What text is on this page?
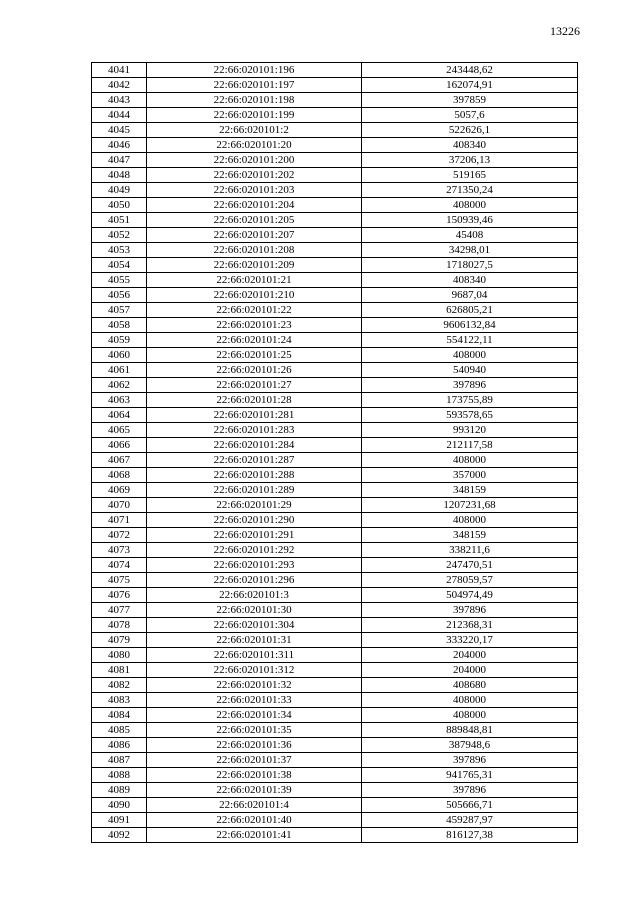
13226
4041	22:66:020101:196	243448,62
4042	22:66:020101:197	162074,91
4043	22:66:020101:198	397859
4044	22:66:020101:199	5057,6
4045	22:66:020101:2	522626,1
4046	22:66:020101:20	408340
4047	22:66:020101:200	37206,13
4048	22:66:020101:202	519165
4049	22:66:020101:203	271350,24
4050	22:66:020101:204	408000
4051	22:66:020101:205	150939,46
4052	22:66:020101:207	45408
4053	22:66:020101:208	34298,01
4054	22:66:020101:209	1718027,5
4055	22:66:020101:21	408340
4056	22:66:020101:210	9687,04
4057	22:66:020101:22	626805,21
4058	22:66:020101:23	9606132,84
4059	22:66:020101:24	554122,11
4060	22:66:020101:25	408000
4061	22:66:020101:26	540940
4062	22:66:020101:27	397896
4063	22:66:020101:28	173755,89
4064	22:66:020101:281	593578,65
4065	22:66:020101:283	993120
4066	22:66:020101:284	212117,58
4067	22:66:020101:287	408000
4068	22:66:020101:288	357000
4069	22:66:020101:289	348159
4070	22:66:020101:29	1207231,68
4071	22:66:020101:290	408000
4072	22:66:020101:291	348159
4073	22:66:020101:292	338211,6
4074	22:66:020101:293	247470,51
4075	22:66:020101:296	278059,57
4076	22:66:020101:3	504974,49
4077	22:66:020101:30	397896
4078	22:66:020101:304	212368,31
4079	22:66:020101:31	333220,17
4080	22:66:020101:311	204000
4081	22:66:020101:312	204000
4082	22:66:020101:32	408680
4083	22:66:020101:33	408000
4084	22:66:020101:34	408000
4085	22:66:020101:35	889848,81
4086	22:66:020101:36	387948,6
4087	22:66:020101:37	397896
4088	22:66:020101:38	941765,31
4089	22:66:020101:39	397896
4090	22:66:020101:4	505666,71
4091	22:66:020101:40	459287,97
4092	22:66:020101:41	816127,38
